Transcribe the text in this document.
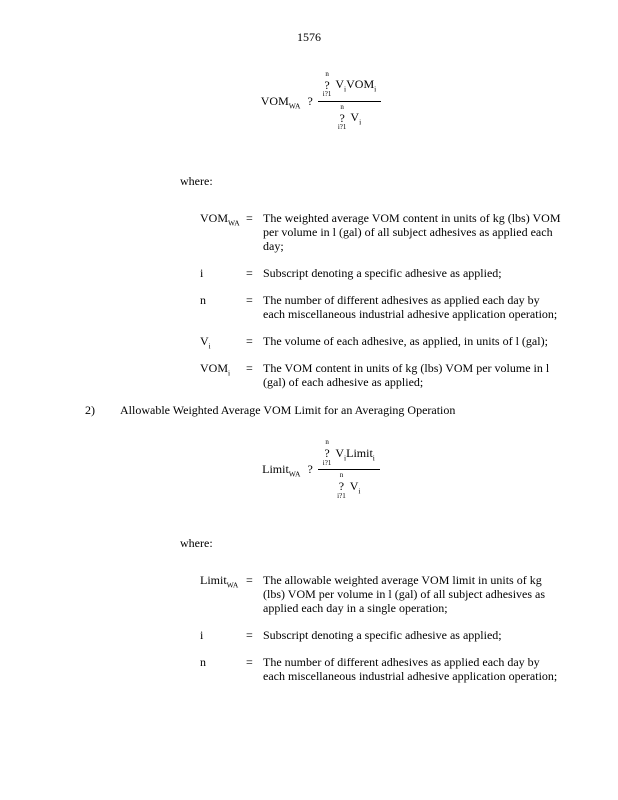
1576
$VOM_{WA}$ ? n
?
i?1
$V_i$ $VOM_i$
n
?
i?1
$V_i$
where:
$VOM_{WA}$ = The weighted average VOM content in units of kg (lbs) VOM per volume in l (gal) of all subject adhesives as applied each day;
i	= Subscript denoting a specific adhesive as applied;
n	= The number of different adhesives as applied each day by each miscellaneous industrial adhesive application operation;
$V_i$	= The volume of each adhesive, as applied, in units of l (gal);
$VOM_i$	= The VOM content in units of kg (lbs) VOM per volume in l (gal) of each adhesive as applied;
2)	Allowable Weighted Average VOM Limit for an Averaging Operation
Limit$_{WA}$ ?
n
?
i?1
$V_i$ Limit$_i$
n
?
i?1
$V_i$
where:
Limit$_{WA}$ = The allowable weighted average VOM limit in units of kg (lbs) VOM per volume in l (gal) of all subject adhesives as applied each day in a single operation;
i	= Subscript denoting a specific adhesive as applied;
n	= The number of different adhesives as applied each day by each miscellaneous industrial adhesive application operation;
